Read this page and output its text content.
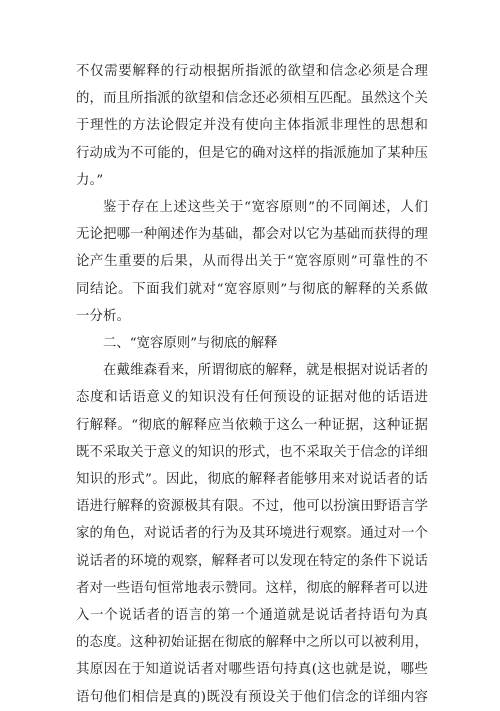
不仅需要解释的行动根据所指派的欲望和信念必须是合理
的，而且所指派的欲望和信念还必须相互匹配。虽然这个关
于理性的方法论假定并没有使向主体指派非理性的思想和
行动成为不可能的，但是它的确对这样的指派施加了某种压
力。”

鉴于存在上述这些关于“宽容原则”的不同阐述，人们
无论把哪一种阐述作为基础，都会对以它为基础而获得的理
论产生重要的后果，从而得出关于“宽容原则”可靠性的不
同结论。下面我们就对“宽容原则”与彻底的解释的关系做
一分析。

二、“宽容原则”与彻底的解释

在戴维森看来，所谓彻底的解释，就是根据对说话者的
态度和话语意义的知识没有任何预设的证据对他的话语进
行解释。“彻底的解释应当依赖于这么一种证据，这种证据
既不采取关于意义的知识的形式，也不采取关于信念的详细
知识的形式”。因此，彻底的解释者能够用来对说话者的话
语进行解释的资源极其有限。不过，他可以扮演田野语言学
家的角色，对说话者的行为及其环境进行观察。通过对一个
说话者的环境的观察，解释者可以发现在特定的条件下说话
者对一些语句恒常地表示赞同。这样，彻底的解释者可以进
入一个说话者的语言的第一个通道就是说话者持语句为真
的态度。这种初始证据在彻底的解释中之所以可以被利用，
其原因在于知道说话者对哪些语句持真(这也就是说，哪些
语句他们相信是真的)既没有预设关于他们信念的详细内容
